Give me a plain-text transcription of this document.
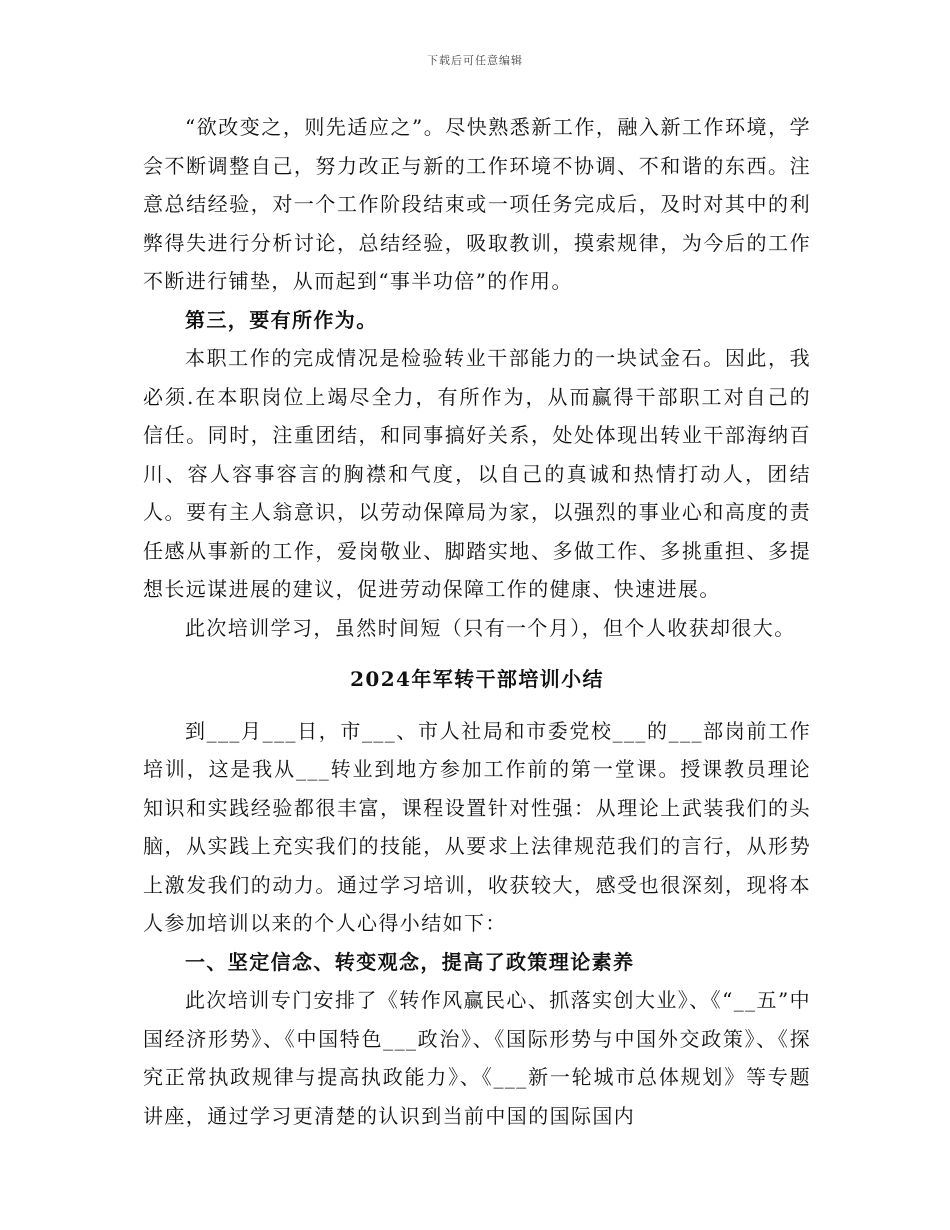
下载后可任意编辑

“欲改变之，则先适应之”。尽快熟悉新工作，融入新工作环境，学会不断调整自己，努力改正与新的工作环境不协调、不和谐的东西。注意总结经验，对一个工作阶段结束或一项任务完成后，及时对其中的利弊得失进行分析讨论，总结经验，吸取教训，摸索规律，为今后的工作不断进行铺垫，从而起到“事半功倍”的作用。

第三，要有所作为。

本职工作的完成情况是检验转业干部能力的一块试金石。因此，我必须.在本职岗位上竭尽全力，有所作为，从而赢得干部职工对自己的信任。同时，注重团结，和同事搞好关系，处处体现出转业干部海纳百川、容人容事容言的胸襟和气度，以自己的真诚和热情打动人，团结人。要有主人翁意识，以劳动保障局为家，以强烈的事业心和高度的责任感从事新的工作，爱岗敬业、脚踏实地、多做工作、多挑重担、多提想长远谋进展的建议，促进劳动保障工作的健康、快速进展。

此次培训学习，虽然时间短（只有一个月），但个人收获却很大。

2024年军转干部培训小结

到___月___日，市___、市人社局和市委党校___的___部岗前工作培训，这是我从___转业到地方参加工作前的第一堂课。授课教员理论知识和实践经验都很丰富，课程设置针对性强：从理论上武装我们的头脑，从实践上充实我们的技能，从要求上法律规范我们的言行，从形势上激发我们的动力。通过学习培训，收获较大，感受也很深刻，现将本人参加培训以来的个人心得小结如下：

一、坚定信念、转变观念，提高了政策理论素养

此次培训专门安排了《转作风赢民心、抓落实创大业》、《“__五”中国经济形势》、《中国特色___政治》、《国际形势与中国外交政策》、《探究正常执政规律与提高执政能力》、《___新一轮城市总体规划》等专题讲座，通过学习更清楚的认识到当前中国的国际国内
